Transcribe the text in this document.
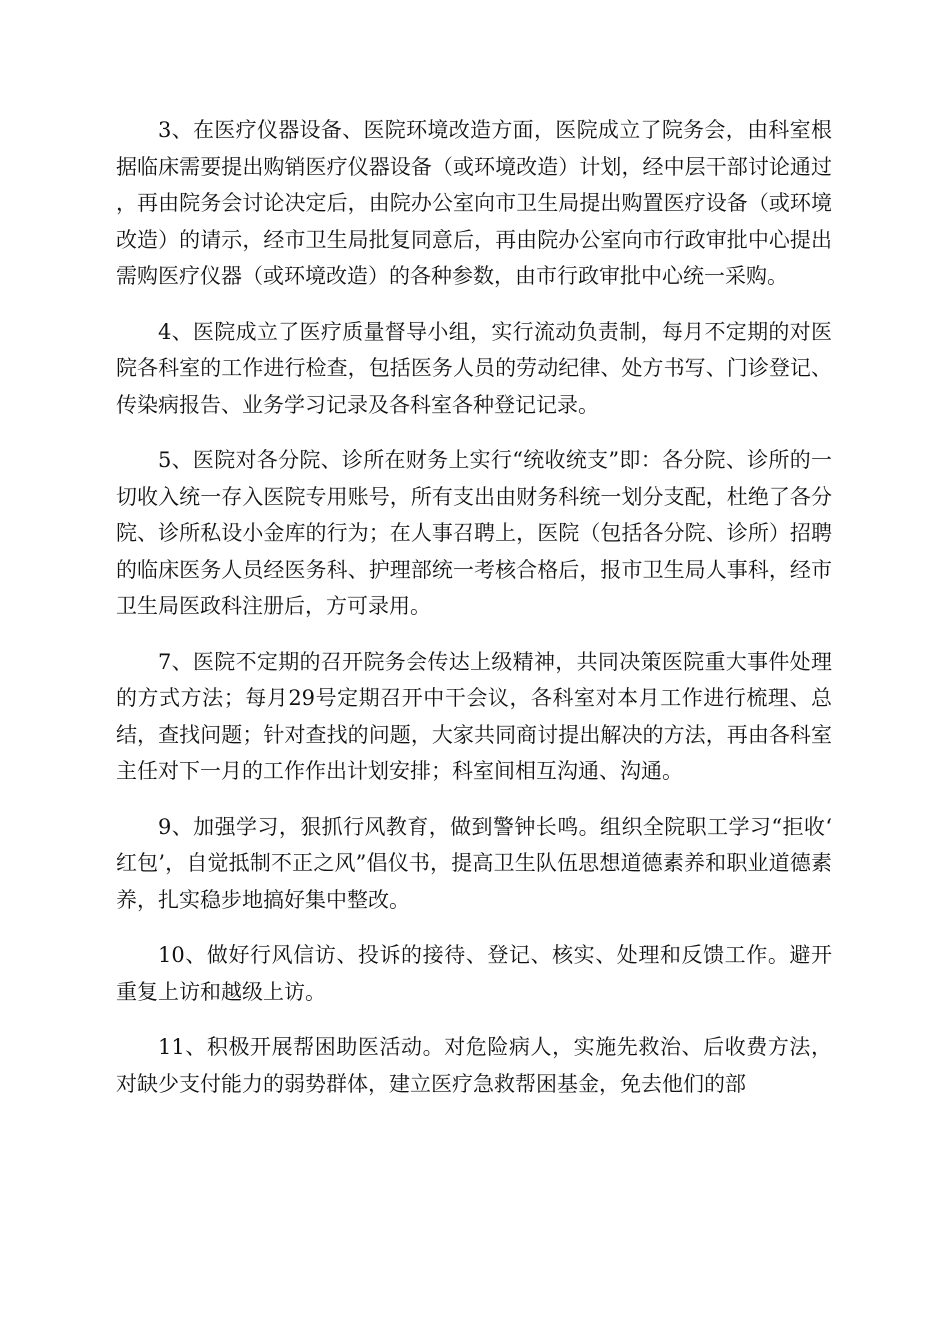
3、在医疗仪器设备、医院环境改造方面，医院成立了院务会，由科室根据临床需要提出购销医疗仪器设备（或环境改造）计划，经中层干部讨论通过，再由院务会讨论决定后，由院办公室向市卫生局提出购置医疗设备（或环境改造）的请示，经市卫生局批复同意后，再由院办公室向市行政审批中心提出需购医疗仪器（或环境改造）的各种参数，由市行政审批中心统一采购。

4、医院成立了医疗质量督导小组，实行流动负责制，每月不定期的对医院各科室的工作进行检查，包括医务人员的劳动纪律、处方书写、门诊登记、传染病报告、业务学习记录及各科室各种登记记录。

5、医院对各分院、诊所在财务上实行“统收统支”即：各分院、诊所的一切收入统一存入医院专用账号，所有支出由财务科统一划分支配，杜绝了各分院、诊所私设小金库的行为；在人事召聘上，医院（包括各分院、诊所）招聘的临床医务人员经医务科、护理部统一考核合格后，报市卫生局人事科，经市卫生局医政科注册后，方可录用。

7、医院不定期的召开院务会传达上级精神，共同决策医院重大事件处理的方式方法；每月29号定期召开中干会议，各科室对本月工作进行梳理、总结，查找问题；针对查找的问题，大家共同商讨提出解决的方法，再由各科室主任对下一月的工作作出计划安排；科室间相互沟通、沟通。

9、加强学习，狠抓行风教育，做到警钟长鸣。组织全院职工学习“拒收‘红包’，自觉抵制不正之风”倡仪书，提高卫生队伍思想道德素养和职业道德素养，扎实稳步地搞好集中整改。

10、做好行风信访、投诉的接待、登记、核实、处理和反馈工作。避开重复上访和越级上访。

11、积极开展帮困助医活动。对危险病人，实施先救治、后收费方法，对缺少支付能力的弱势群体，建立医疗急救帮困基金，免去他们的部
